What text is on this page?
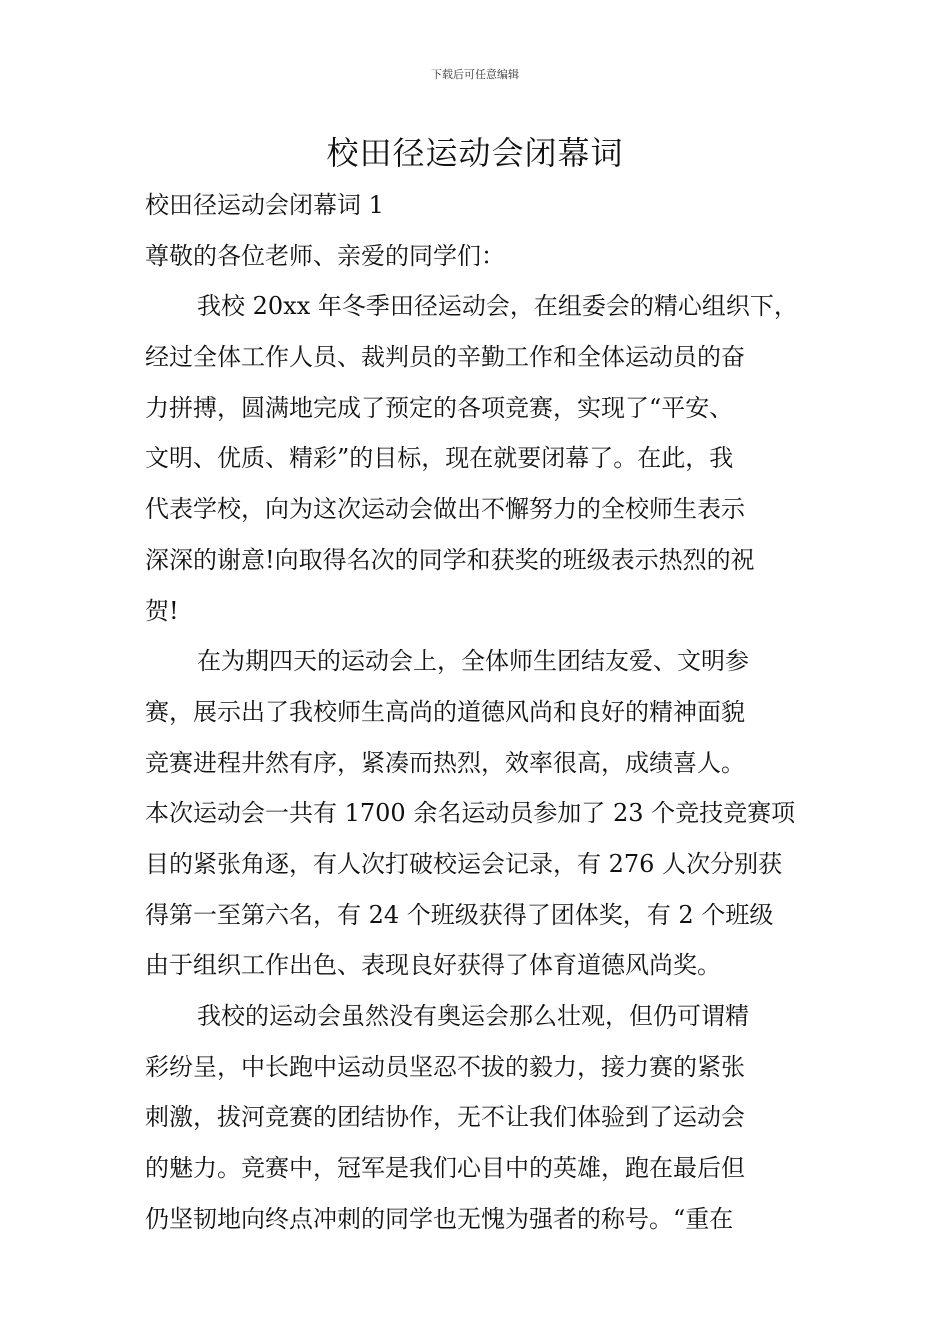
下载后可任意编辑
校田径运动会闭幕词
校田径运动会闭幕词 1
尊敬的各位老师、亲爱的同学们：
我校 20xx 年冬季田径运动会，在组委会的精心组织下，
经过全体工作人员、裁判员的辛勤工作和全体运动员的奋
力拼搏，圆满地完成了预定的各项竞赛，实现了“平安、
文明、优质、精彩”的目标，现在就要闭幕了。在此，我
代表学校，向为这次运动会做出不懈努力的全校师生表示
深深的谢意!向取得名次的同学和获奖的班级表示热烈的祝
贺!
在为期四天的运动会上，全体师生团结友爱、文明参
赛，展示出了我校师生高尚的道德风尚和良好的精神面貌
竞赛进程井然有序，紧凑而热烈，效率很高，成绩喜人。
本次运动会一共有 1700 余名运动员参加了 23 个竞技竞赛项
目的紧张角逐，有人次打破校运会记录，有 276 人次分别获
得第一至第六名，有 24 个班级获得了团体奖，有 2 个班级
由于组织工作出色、表现良好获得了体育道德风尚奖。
我校的运动会虽然没有奥运会那么壮观，但仍可谓精
彩纷呈，中长跑中运动员坚忍不拔的毅力，接力赛的紧张
刺激，拔河竞赛的团结协作，无不让我们体验到了运动会
的魅力。竞赛中，冠军是我们心目中的英雄，跑在最后但
仍坚韧地向终点冲刺的同学也无愧为强者的称号。“重在
